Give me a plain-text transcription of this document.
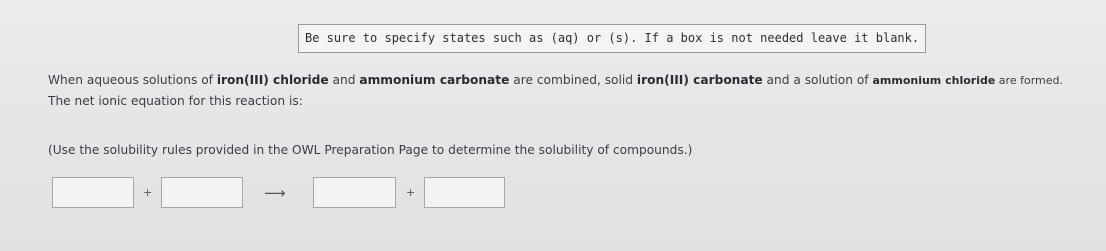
Be sure to specify states such as (aq) or (s). If a box is not needed leave it blank.
When aqueous solutions of iron(III) chloride and ammonium carbonate are combined, solid iron(III) carbonate and a solution of ammonium chloride are formed.
The net ionic equation for this reaction is:
(Use the solubility rules provided in the OWL Preparation Page to determine the solubility of compounds.)
+	⟶	+
